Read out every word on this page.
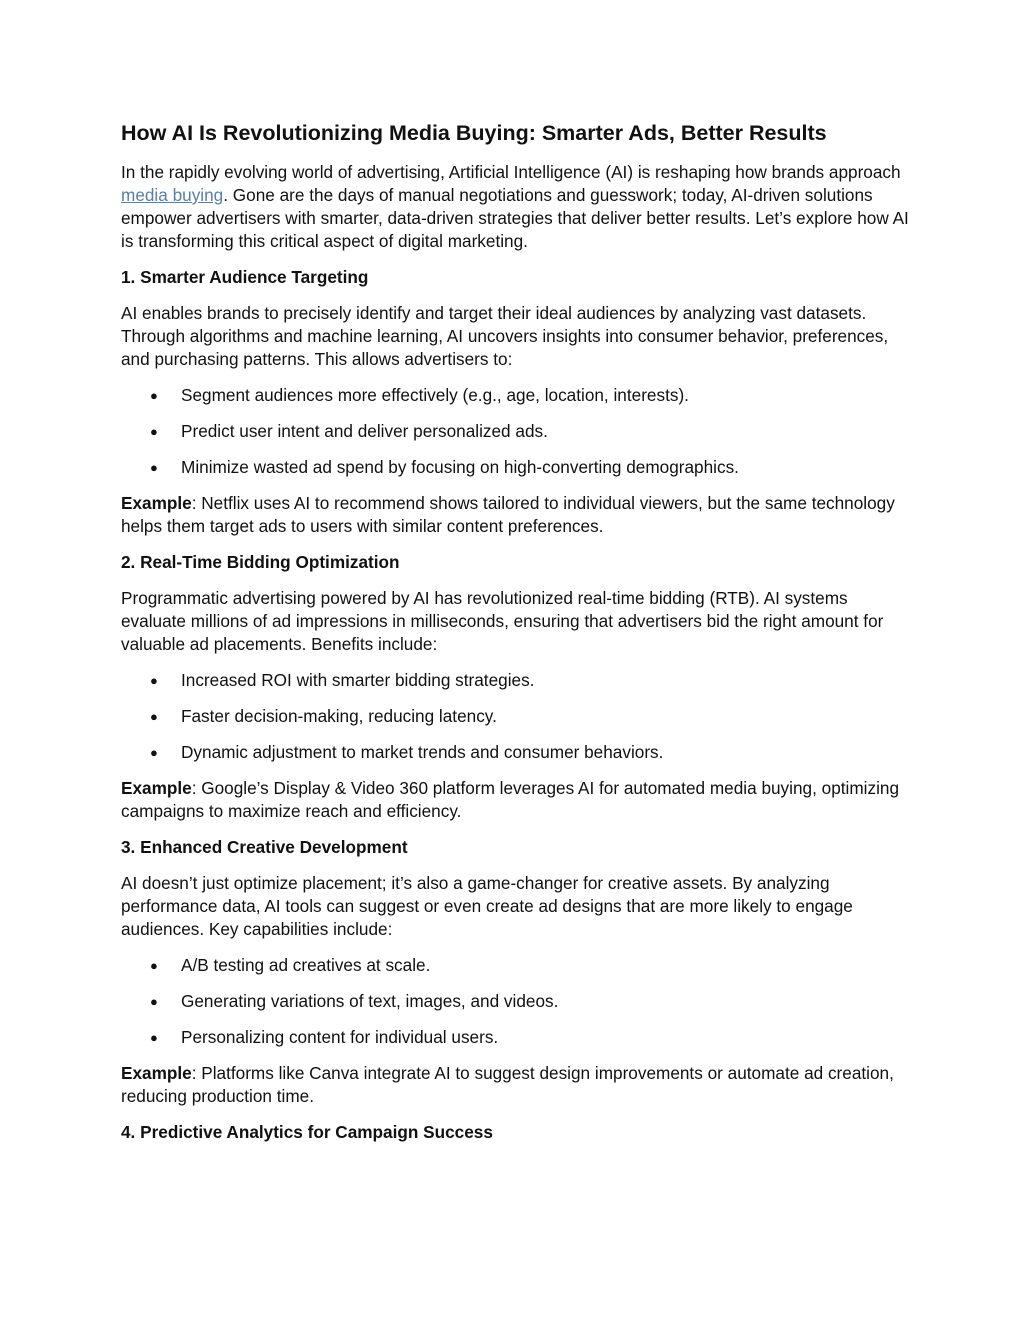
How AI Is Revolutionizing Media Buying: Smarter Ads, Better Results

In the rapidly evolving world of advertising, Artificial Intelligence (AI) is reshaping how brands approach media buying. Gone are the days of manual negotiations and guesswork; today, AI-driven solutions empower advertisers with smarter, data-driven strategies that deliver better results. Let’s explore how AI is transforming this critical aspect of digital marketing.

1. Smarter Audience Targeting

AI enables brands to precisely identify and target their ideal audiences by analyzing vast datasets. Through algorithms and machine learning, AI uncovers insights into consumer behavior, preferences, and purchasing patterns. This allows advertisers to:

● Segment audiences more effectively (e.g., age, location, interests).
● Predict user intent and deliver personalized ads.
● Minimize wasted ad spend by focusing on high-converting demographics.

Example: Netflix uses AI to recommend shows tailored to individual viewers, but the same technology helps them target ads to users with similar content preferences.

2. Real-Time Bidding Optimization

Programmatic advertising powered by AI has revolutionized real-time bidding (RTB). AI systems evaluate millions of ad impressions in milliseconds, ensuring that advertisers bid the right amount for valuable ad placements. Benefits include:

● Increased ROI with smarter bidding strategies.
● Faster decision-making, reducing latency.
● Dynamic adjustment to market trends and consumer behaviors.

Example: Google’s Display & Video 360 platform leverages AI for automated media buying, optimizing campaigns to maximize reach and efficiency.

3. Enhanced Creative Development

AI doesn’t just optimize placement; it’s also a game-changer for creative assets. By analyzing performance data, AI tools can suggest or even create ad designs that are more likely to engage audiences. Key capabilities include:

● A/B testing ad creatives at scale.
● Generating variations of text, images, and videos.
● Personalizing content for individual users.

Example: Platforms like Canva integrate AI to suggest design improvements or automate ad creation, reducing production time.

4. Predictive Analytics for Campaign Success
